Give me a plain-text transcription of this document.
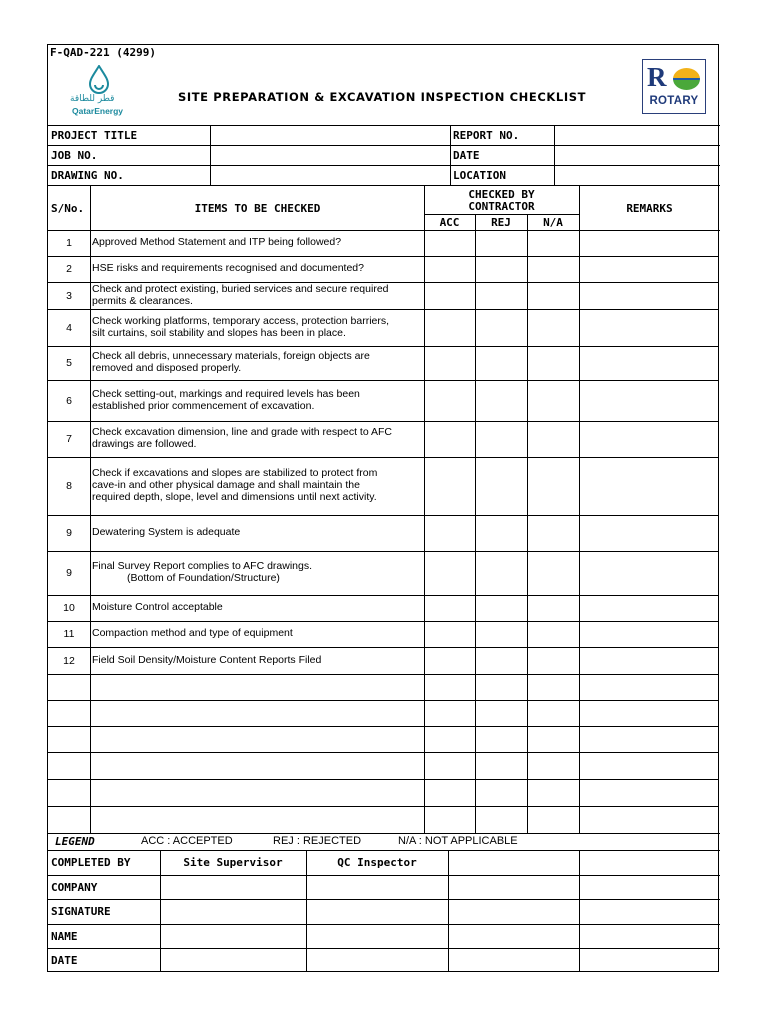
F-QAD-221 (4299)
قطر للطاقة
QatarEnergy
SITE PREPARATION & EXCAVATION INSPECTION CHECKLIST
R
ROTARY
PROJECT TITLE
JOB NO.
DRAWING NO.
REPORT NO.
DATE
LOCATION
S/No.	ITEMS TO BE CHECKED
CHECKED BY
CONTRACTOR
ACC	REJ	N/A
REMARKS
1	Approved Method Statement and ITP being followed?
2	HSE risks and requirements recognised and documented?
3
Check and protect existing, buried services and secure required
permits & clearances.
4
Check working platforms, temporary access, protection barriers,
silt curtains, soil stability and slopes has been in place.
5
Check all debris, unnecessary materials, foreign objects are
removed and disposed properly.
6
Check setting-out, markings and required levels has been
established prior commencement of excavation.
7
Check excavation dimension, line and grade with respect to AFC
drawings are followed.
8
Check if excavations and slopes are stabilized to protect from
cave-in and other physical damage and shall maintain the
required depth, slope, level and dimensions until next activity.
9	Dewatering System is adequate
9
Final Survey Report complies to AFC drawings.
(Bottom of Foundation/Structure)
10	Moisture Control acceptable
11	Compaction method and type of equipment
12	Field Soil Density/Moisture Content Reports Filed
LEGEND	ACC : ACCEPTED	REJ : REJECTED	N/A : NOT APPLICABLE
COMPLETED BY	Site Supervisor	QC Inspector
COMPANY
SIGNATURE
NAME
DATE
